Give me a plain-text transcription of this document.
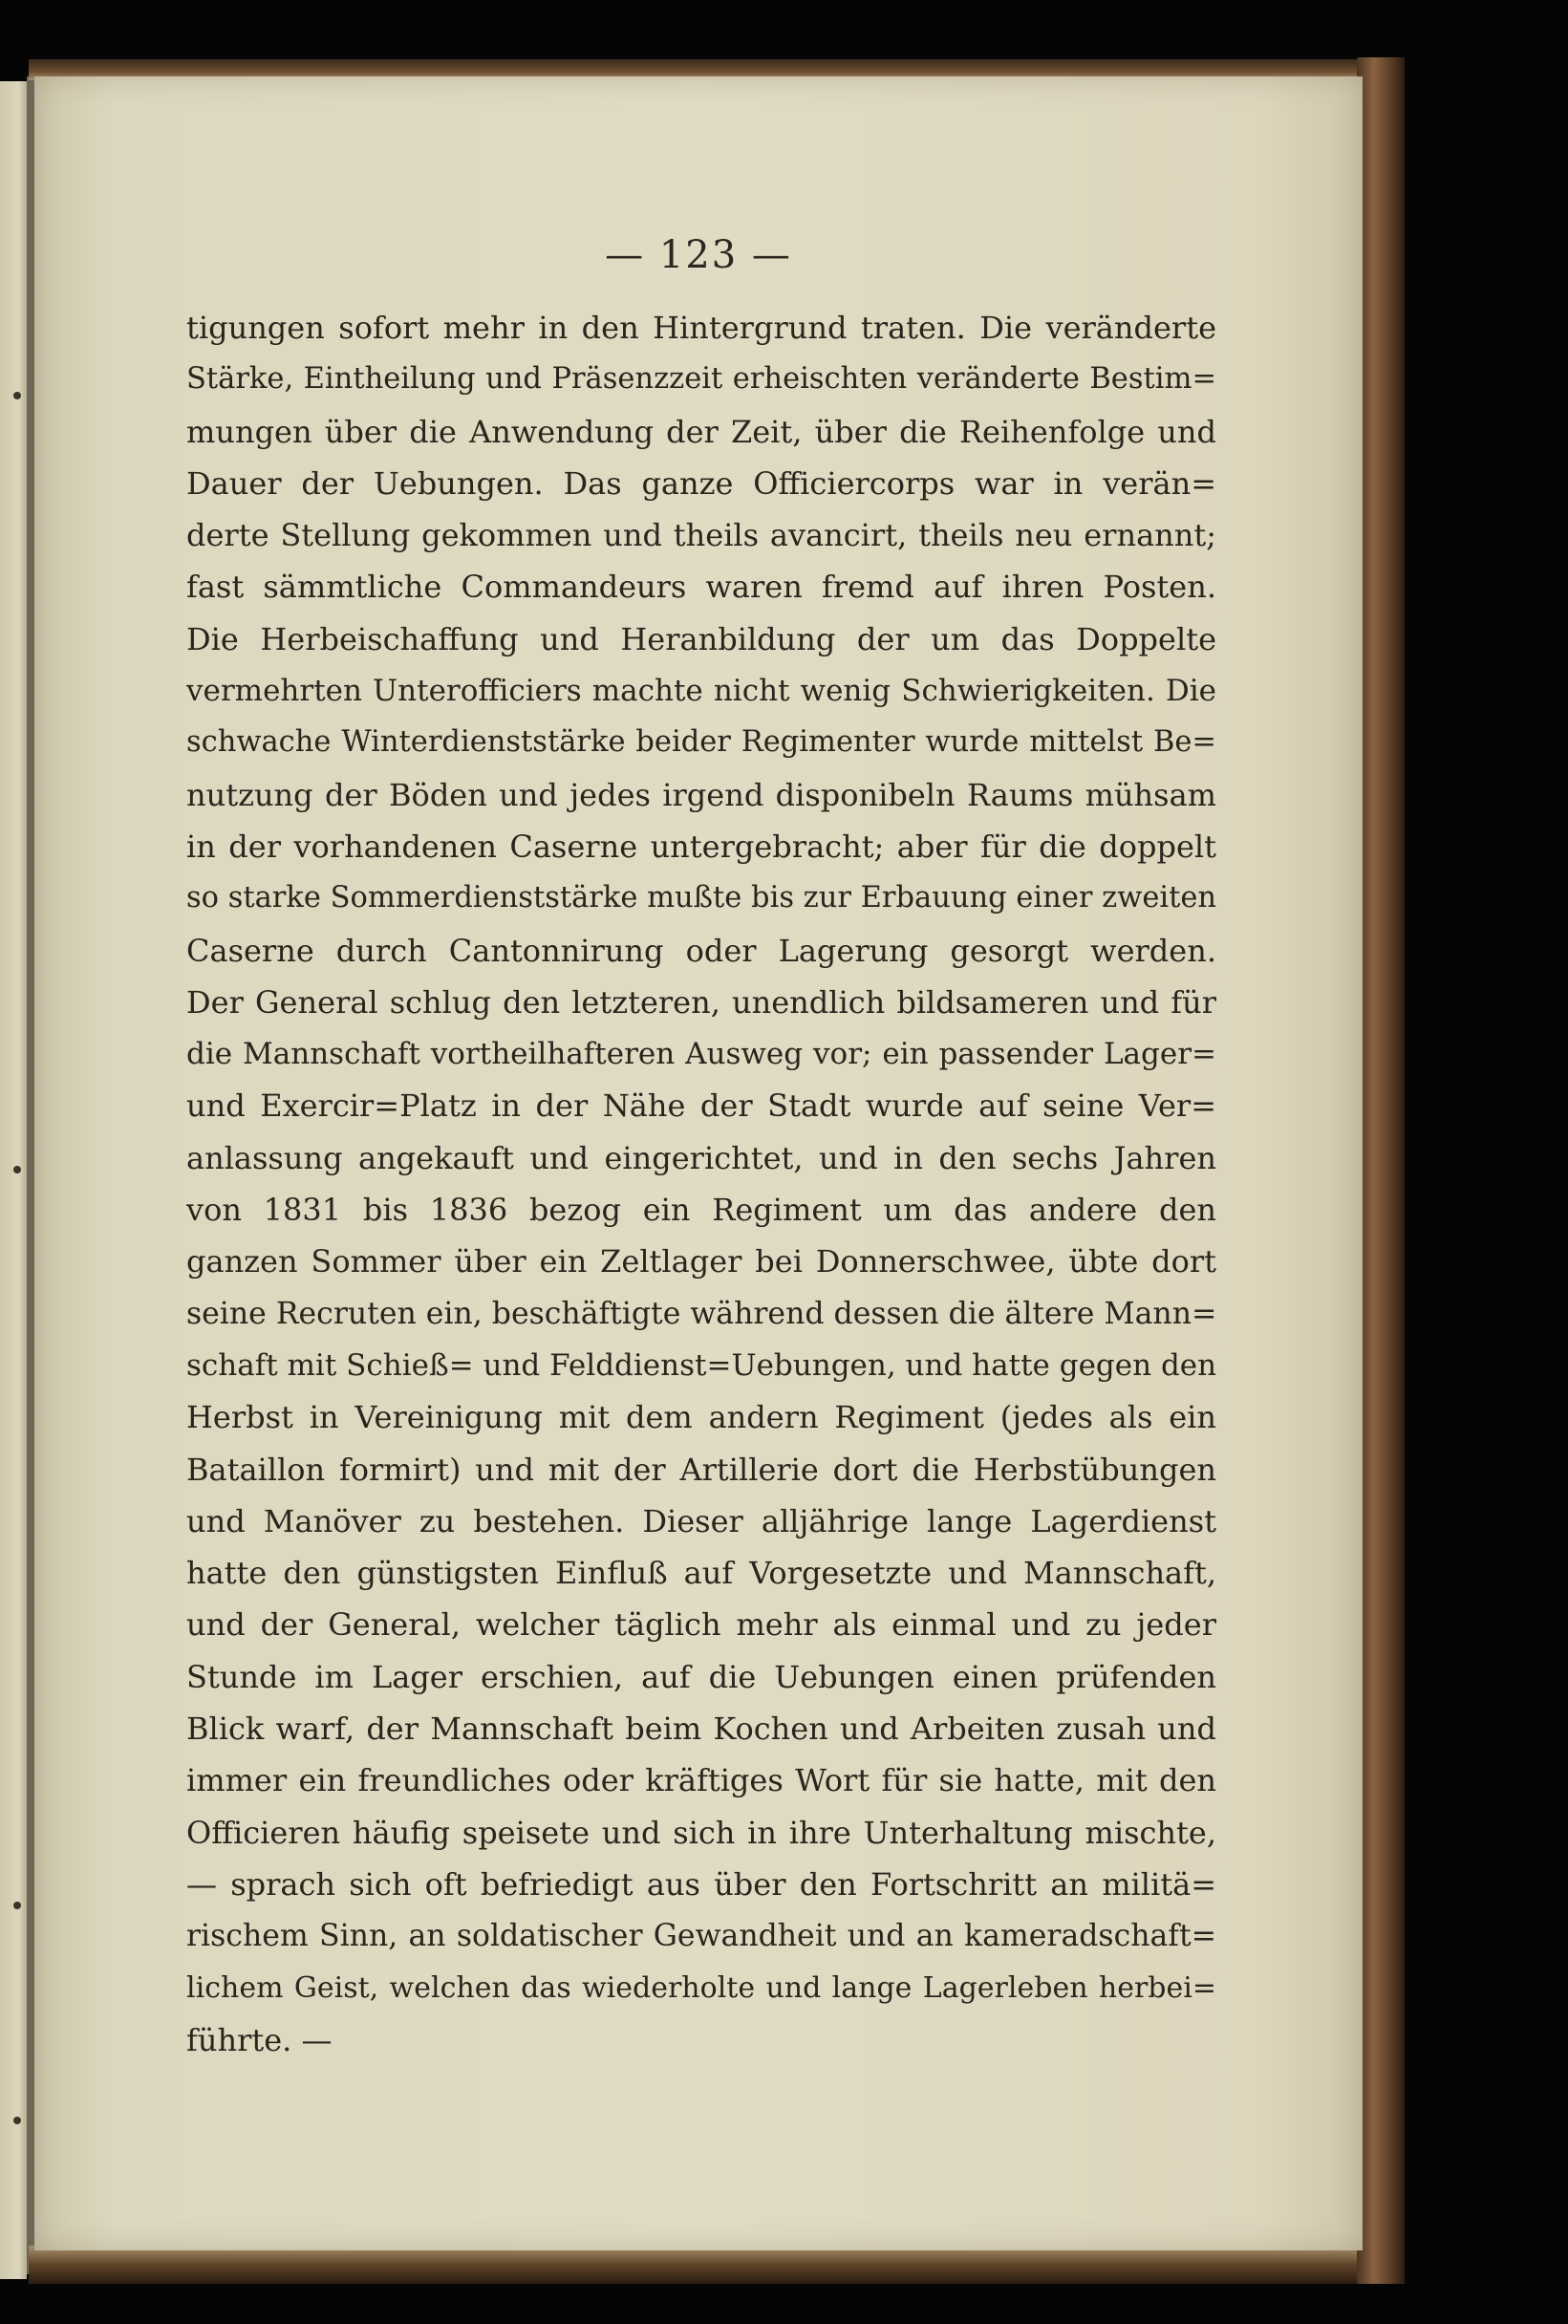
— 123 —
tigungen sofort mehr in den Hintergrund traten. Die veränderte
Stärke, Eintheilung und Präsenzzeit erheischten veränderte Bestim=
mungen über die Anwendung der Zeit, über die Reihenfolge und
Dauer der Uebungen. Das ganze Officiercorps war in verän=
derte Stellung gekommen und theils avancirt, theils neu ernannt;
fast sämmtliche Commandeurs waren fremd auf ihren Posten.
Die Herbeischaffung und Heranbildung der um das Doppelte
vermehrten Unterofficiers machte nicht wenig Schwierigkeiten. Die
schwache Winterdienststärke beider Regimenter wurde mittelst Be=
nutzung der Böden und jedes irgend disponibeln Raums mühsam
in der vorhandenen Caserne untergebracht; aber für die doppelt
so starke Sommerdienststärke mußte bis zur Erbauung einer zweiten
Caserne durch Cantonnirung oder Lagerung gesorgt werden.
Der General schlug den letzteren, unendlich bildsameren und für
die Mannschaft vortheilhafteren Ausweg vor; ein passender Lager=
und Exercir=Platz in der Nähe der Stadt wurde auf seine Ver=
anlassung angekauft und eingerichtet, und in den sechs Jahren
von 1831 bis 1836 bezog ein Regiment um das andere den
ganzen Sommer über ein Zeltlager bei Donnerschwee, übte dort
seine Recruten ein, beschäftigte während dessen die ältere Mann=
schaft mit Schieß= und Felddienst=Uebungen, und hatte gegen den
Herbst in Vereinigung mit dem andern Regiment (jedes als ein
Bataillon formirt) und mit der Artillerie dort die Herbstübungen
und Manöver zu bestehen. Dieser alljährige lange Lagerdienst
hatte den günstigsten Einfluß auf Vorgesetzte und Mannschaft,
und der General, welcher täglich mehr als einmal und zu jeder
Stunde im Lager erschien, auf die Uebungen einen prüfenden
Blick warf, der Mannschaft beim Kochen und Arbeiten zusah und
immer ein freundliches oder kräftiges Wort für sie hatte, mit den
Officieren häufig speisete und sich in ihre Unterhaltung mischte,
— sprach sich oft befriedigt aus über den Fortschritt an militä=
rischem Sinn, an soldatischer Gewandheit und an kameradschaft=
lichem Geist, welchen das wiederholte und lange Lagerleben herbei=
führte. —
